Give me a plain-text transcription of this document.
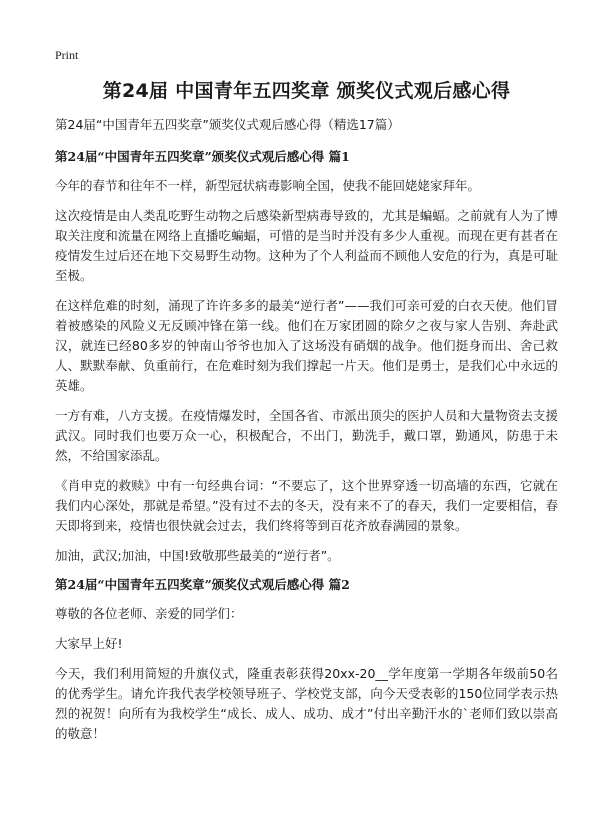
Print
第24届 中国青年五四奖章 颁奖仪式观后感心得
第24届“中国青年五四奖章”颁奖仪式观后感心得（精选17篇）
第24届“中国青年五四奖章”颁奖仪式观后感心得 篇1

今年的春节和往年不一样，新型冠状病毒影响全国，使我不能回姥姥家拜年。

这次疫情是由人类乱吃野生动物之后感染新型病毒导致的，尤其是蝙蝠。之前就有人为了博取关注度和流量在网络上直播吃蝙蝠，可惜的是当时并没有多少人重视。而现在更有甚者在疫情发生过后还在地下交易野生动物。这种为了个人利益而不顾他人安危的行为，真是可耻至极。

在这样危难的时刻，涌现了许许多多的最美“逆行者”——我们可亲可爱的白衣天使。他们冒着被感染的风险义无反顾冲锋在第一线。他们在万家团圆的除夕之夜与家人告别、奔赴武汉，就连已经80多岁的钟南山爷爷也加入了这场没有硝烟的战争。他们挺身而出、舍己救人、默默奉献、负重前行，在危难时刻为我们撑起一片天。他们是勇士，是我们心中永远的英雄。

一方有难，八方支援。在疫情爆发时，全国各省、市派出顶尖的医护人员和大量物资去支援武汉。同时我们也要万众一心，积极配合，不出门，勤洗手，戴口罩，勤通风，防患于未然，不给国家添乱。

《肖申克的救赎》中有一句经典台词：“不要忘了，这个世界穿透一切高墙的东西，它就在我们内心深处，那就是希望。”没有过不去的冬天，没有来不了的春天，我们一定要相信，春天即将到来，疫情也很快就会过去，我们终将等到百花齐放春满园的景象。

加油，武汉;加油，中国!致敬那些最美的“逆行者”。

第24届“中国青年五四奖章”颁奖仪式观后感心得 篇2

尊敬的各位老师、亲爱的同学们：

大家早上好!

今天，我们利用简短的升旗仪式，隆重表彰获得20xx-20__学年度第一学期各年级前50名的优秀学生。请允许我代表学校领导班子、学校党支部，向今天受表彰的150位同学表示热烈的祝贺！向所有为我校学生“成长、成人、成功、成才”付出辛勤汗水的`老师们致以崇高的敬意！
